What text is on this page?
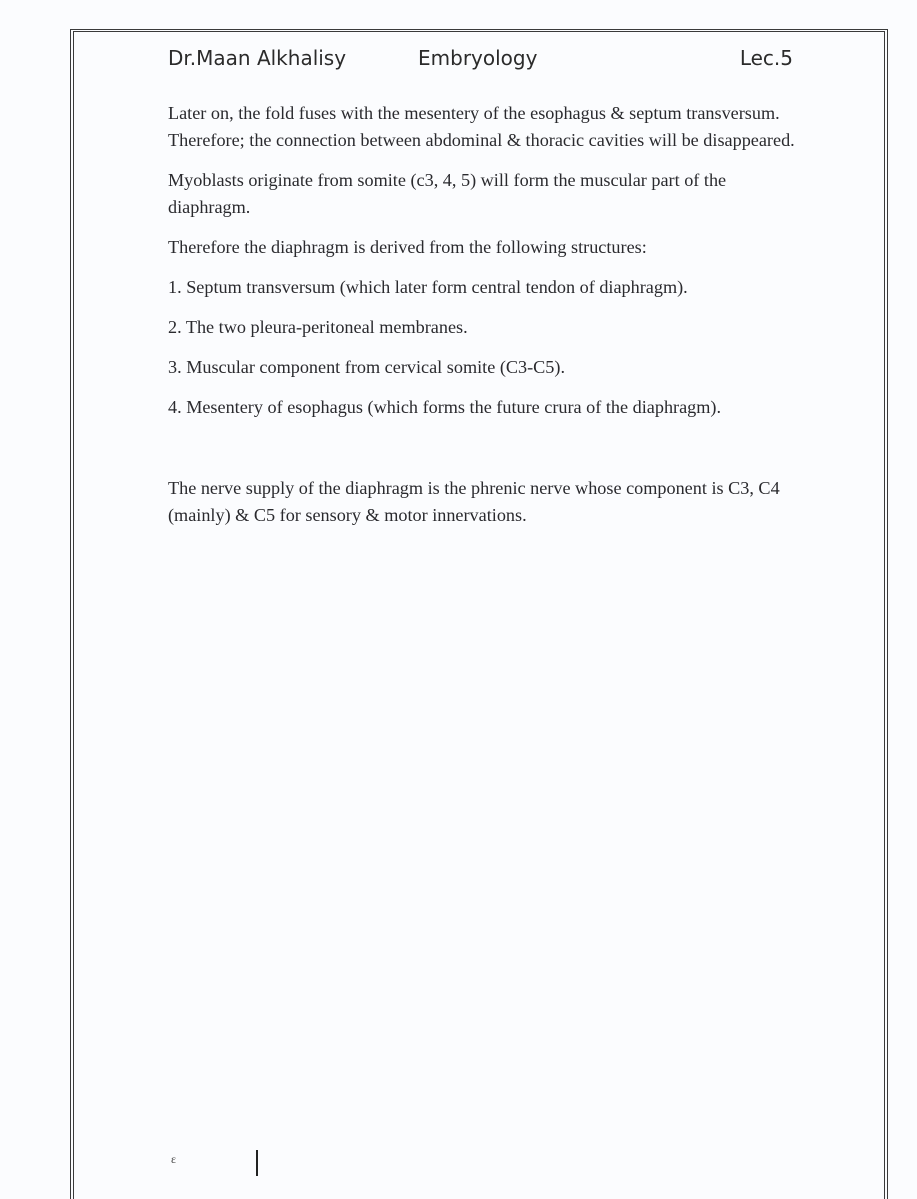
Dr.Maan Alkhalisy	Embryology	Lec.5

Later on, the fold fuses with the mesentery of the esophagus & septum transversum. Therefore; the connection between abdominal & thoracic cavities will be disappeared.

Myoblasts originate from somite (c3, 4, 5) will form the muscular part of the diaphragm.

Therefore the diaphragm is derived from the following structures:

1. Septum transversum (which later form central tendon of diaphragm).

2. The two pleura-peritoneal membranes.

3. Muscular component from cervical somite (C3-C5).

4. Mesentery of esophagus (which forms the future crura of the diaphragm).

The nerve supply of the diaphragm is the phrenic nerve whose component is C3, C4 (mainly) & C5 for sensory & motor innervations.

ε
